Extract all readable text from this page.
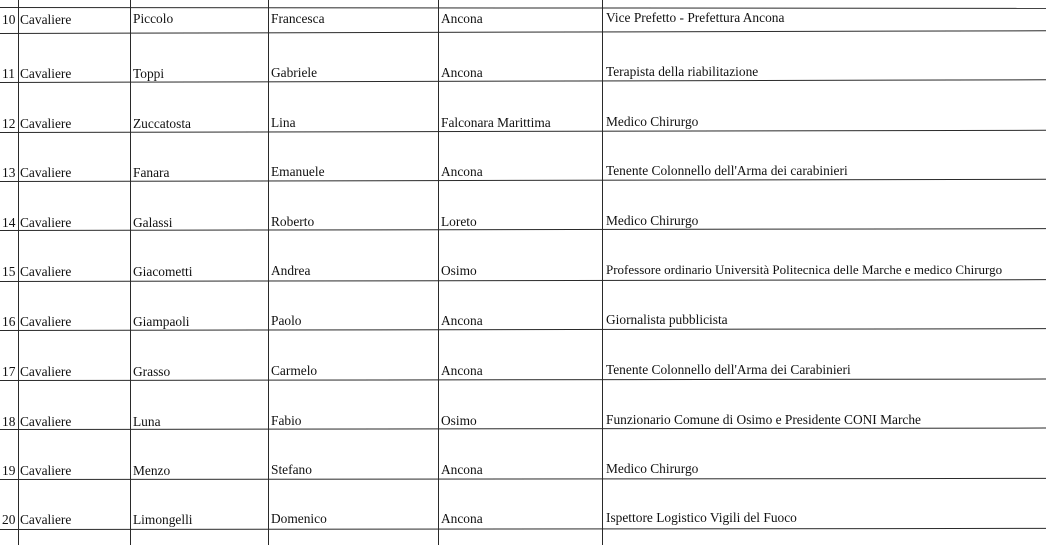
10 Cavaliere	Piccolo	Francesca	Ancona	Vice Prefetto - Prefettura Ancona
11 Cavaliere	Toppi	Gabriele	Ancona	Terapista della riabilitazione
12 Cavaliere	Zuccatosta	Lina	Falconara Marittima	Medico Chirurgo
13 Cavaliere	Fanara	Emanuele	Ancona	Tenente Colonnello dell'Arma dei carabinieri
14 Cavaliere	Galassi	Roberto	Loreto	Medico Chirurgo
15 Cavaliere	Giacometti	Andrea	Osimo	Professore ordinario Università Politecnica delle Marche e medico Chirurgo
16 Cavaliere	Giampaoli	Paolo	Ancona	Giornalista pubblicista
17 Cavaliere	Grasso	Carmelo	Ancona	Tenente Colonnello dell'Arma dei Carabinieri
18 Cavaliere	Luna	Fabio	Osimo	Funzionario Comune di Osimo e Presidente CONI Marche
19 Cavaliere	Menzo	Stefano	Ancona	Medico Chirurgo
20 Cavaliere	Limongelli	Domenico	Ancona	Ispettore Logistico Vigili del Fuoco
